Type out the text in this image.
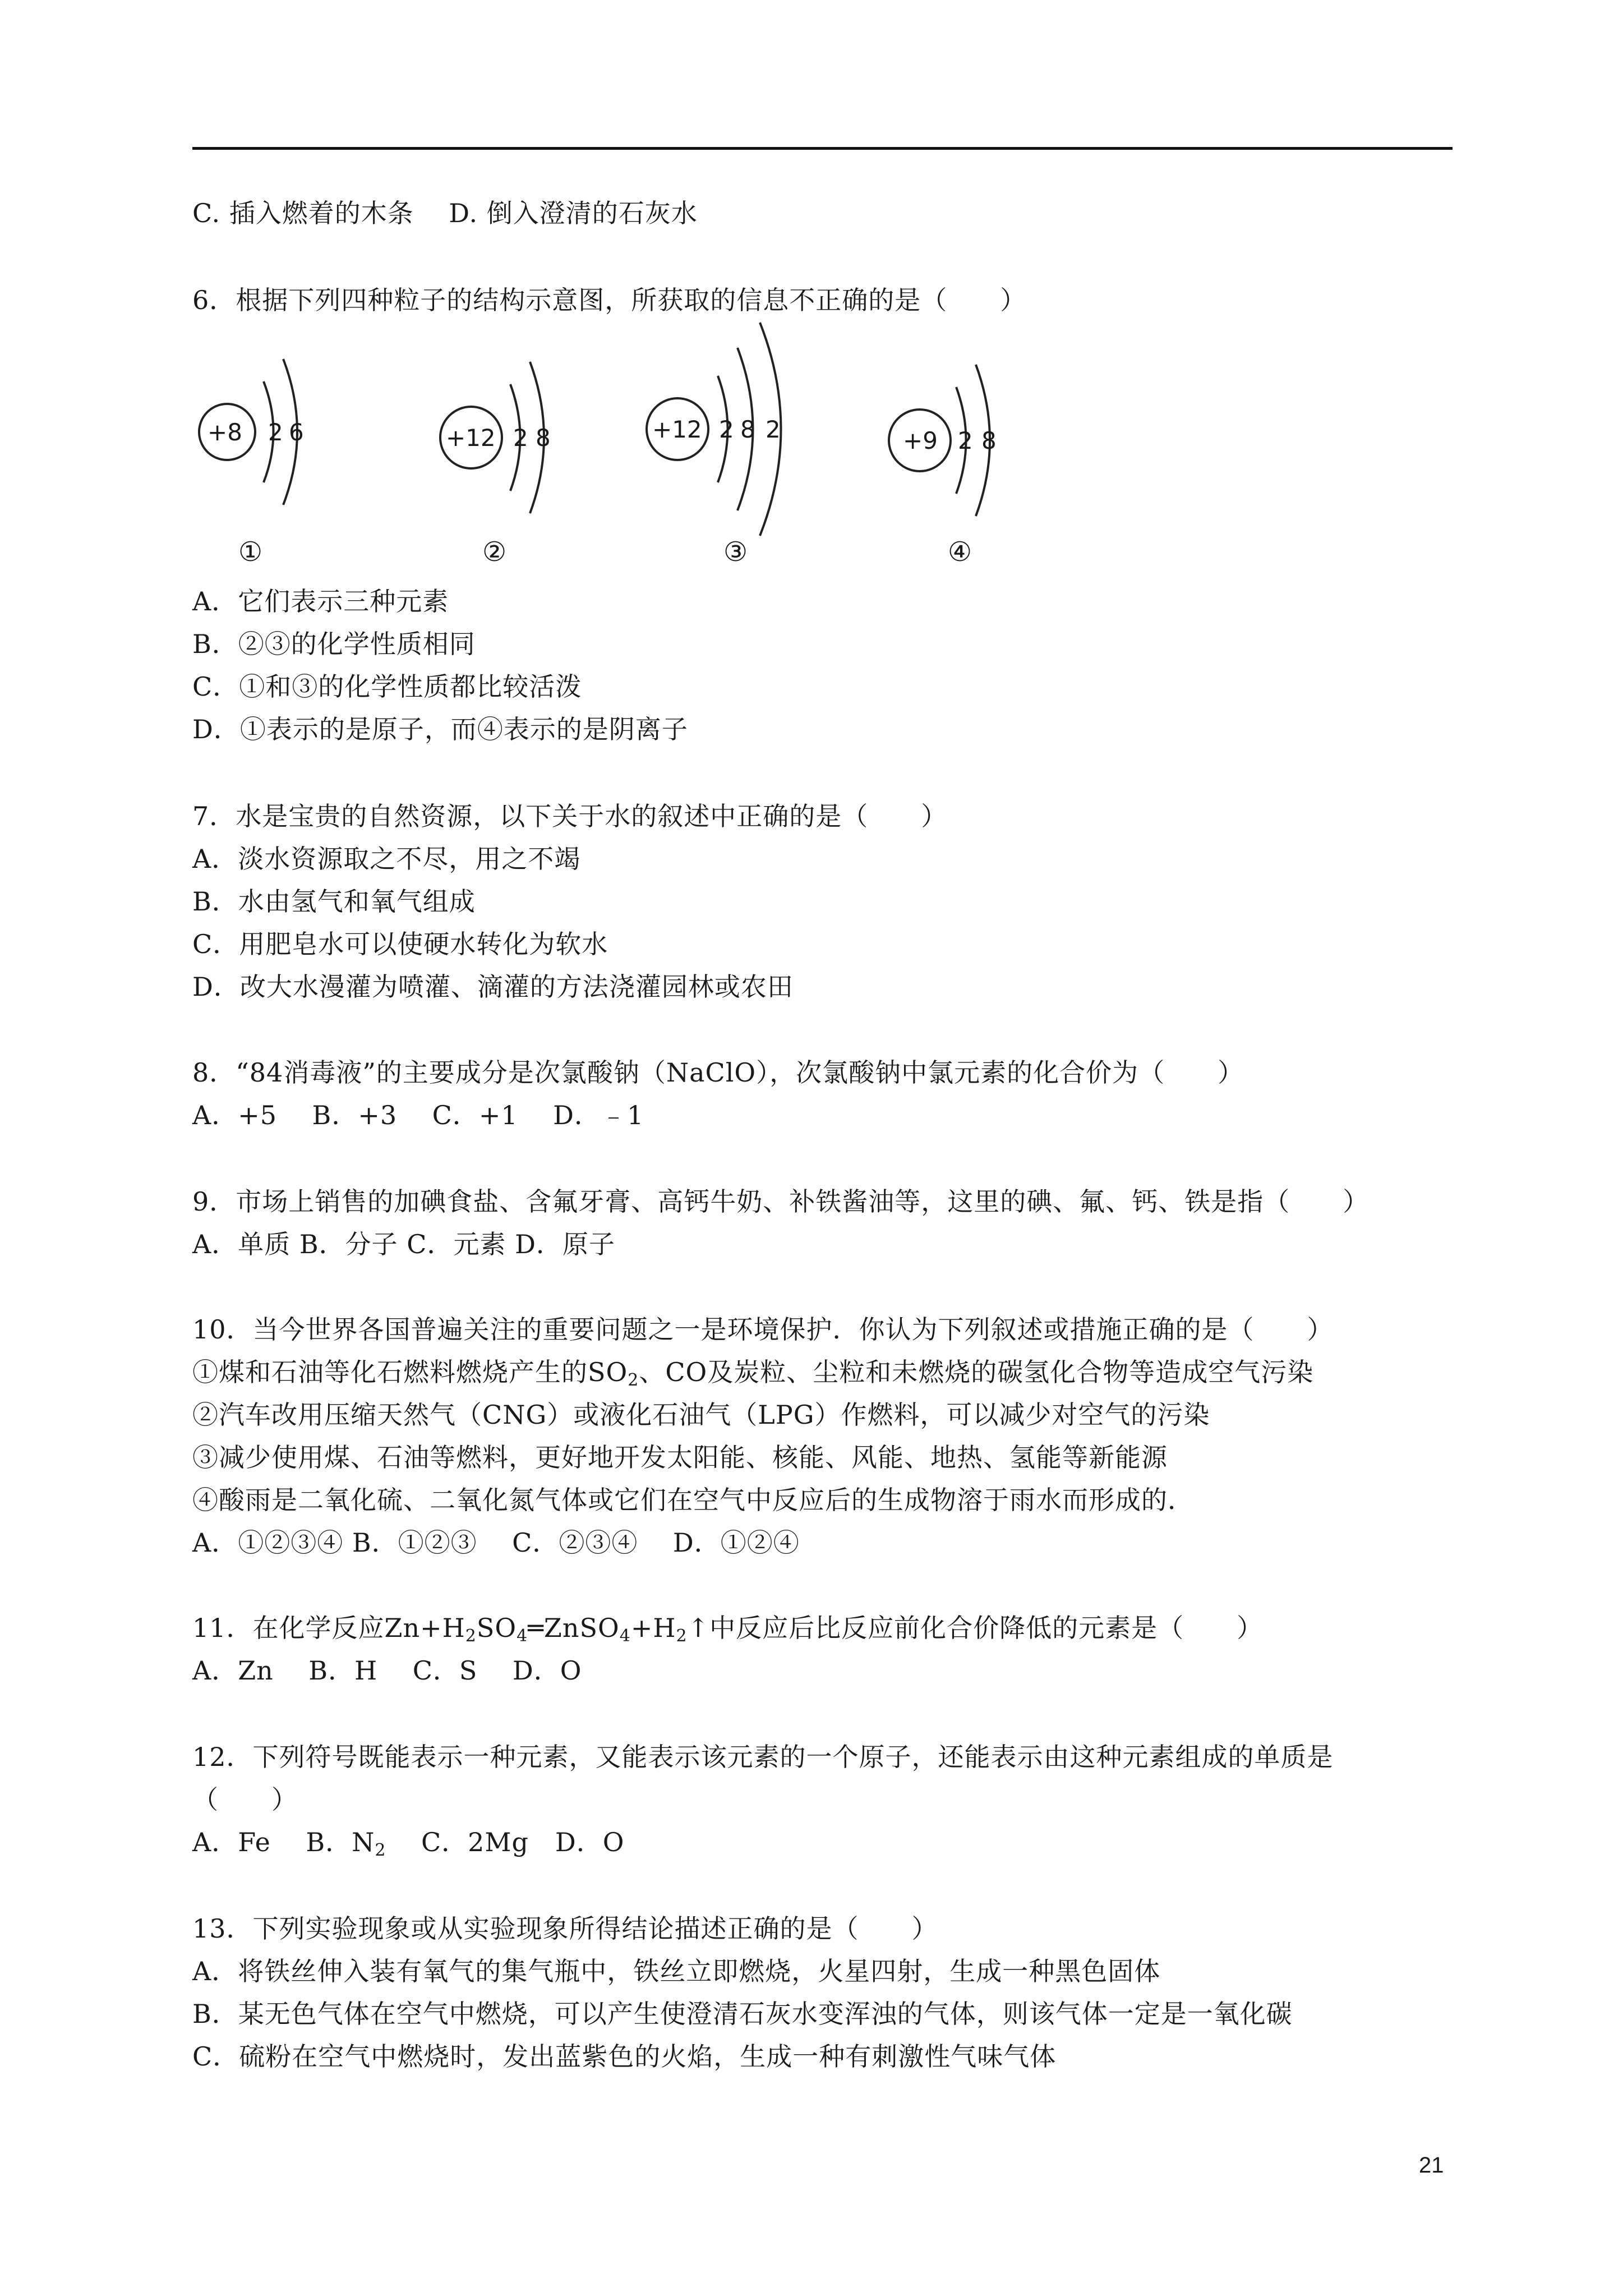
C. 插入燃着的木条    D. 倒入澄清的石灰水
6．根据下列四种粒子的结构示意图，所获取的信息不正确的是（　　）
+8 2 6	+12 2 8	+12 2 8 2	+9 2 8
①	②	③	④
A．它们表示三种元素
B．②③的化学性质相同
C．①和③的化学性质都比较活泼
D．①表示的是原子，而④表示的是阴离子
7．水是宝贵的自然资源，以下关于水的叙述中正确的是（　　）
A．淡水资源取之不尽，用之不竭
B．水由氢气和氧气组成
C．用肥皂水可以使硬水转化为软水
D．改大水漫灌为喷灌、滴灌的方法浇灌园林或农田
8．“84消毒液”的主要成分是次氯酸钠（NaClO），次氯酸钠中氯元素的化合价为（　　）
A．+5    B．+3    C．+1    D．﹣1
9．市场上销售的加碘食盐、含氟牙膏、高钙牛奶、补铁酱油等，这里的碘、氟、钙、铁是指（　　）
A．单质 B．分子 C．元素 D．原子
10．当今世界各国普遍关注的重要问题之一是环境保护．你认为下列叙述或措施正确的是（　　）
①煤和石油等化石燃料燃烧产生的$SO_2$、CO及炭粒、尘粒和未燃烧的碳氢化合物等造成空气污染
②汽车改用压缩天然气（CNG）或液化石油气（LPG）作燃料，可以减少对空气的污染
③减少使用煤、石油等燃料，更好地开发太阳能、核能、风能、地热、氢能等新能源
④酸雨是二氧化硫、二氧化氮气体或它们在空气中反应后的生成物溶于雨水而形成的．
A．①②③④ B．①②③    C．②③④    D．①②④
11．在化学反应$Zn+H_2SO_4═ZnSO_4+H_2↑$中反应后比反应前化合价降低的元素是（　　）
A．Zn    B．H    C．S    D．O
12．下列符号既能表示一种元素，又能表示该元素的一个原子，还能表示由这种元素组成的单质是
（　　）
A．Fe    B．$N_2$    C．2Mg   D．O
13．下列实验现象或从实验现象所得结论描述正确的是（　　）
A．将铁丝伸入装有氧气的集气瓶中，铁丝立即燃烧，火星四射，生成一种黑色固体
B．某无色气体在空气中燃烧，可以产生使澄清石灰水变浑浊的气体，则该气体一定是一氧化碳
C．硫粉在空气中燃烧时，发出蓝紫色的火焰，生成一种有刺激性气味气体
21
